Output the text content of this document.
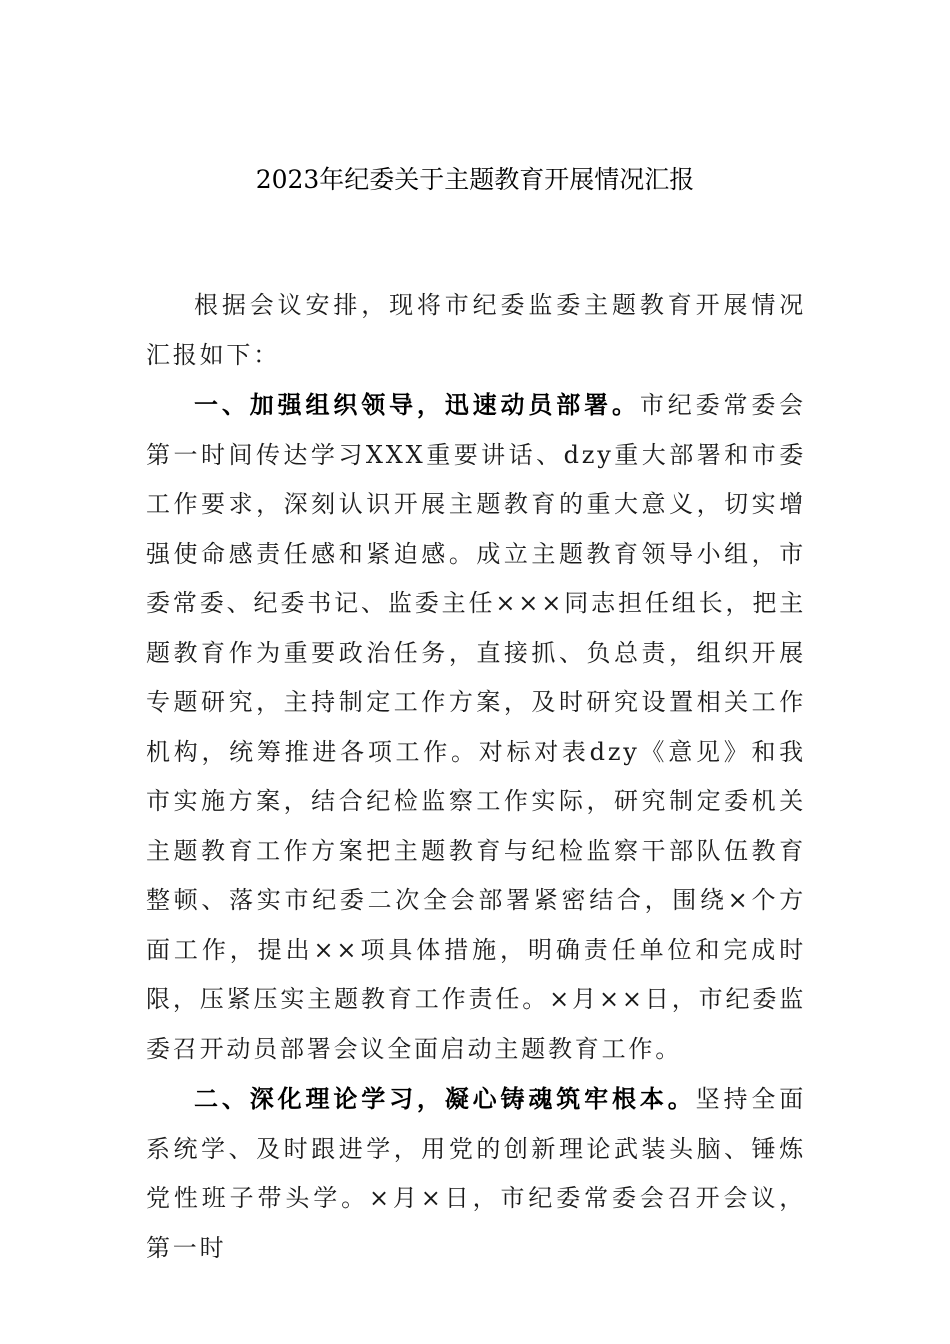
2023年纪委关于主题教育开展情况汇报

根据会议安排，现将市纪委监委主题教育开展情况汇报如下：

一、加强组织领导，迅速动员部署。市纪委常委会第一时间传达学习XXX重要讲话、dzy重大部署和市委工作要求，深刻认识开展主题教育的重大意义，切实增强使命感责任感和紧迫感。成立主题教育领导小组，市委常委、纪委书记、监委主任×××同志担任组长，把主题教育作为重要政治任务，直接抓、负总责，组织开展专题研究，主持制定工作方案，及时研究设置相关工作机构，统筹推进各项工作。对标对表dzy《意见》和我市实施方案，结合纪检监察工作实际，研究制定委机关主题教育工作方案把主题教育与纪检监察干部队伍教育整顿、落实市纪委二次全会部署紧密结合，围绕×个方面工作，提出××项具体措施，明确责任单位和完成时限，压紧压实主题教育工作责任。×月××日，市纪委监委召开动员部署会议全面启动主题教育工作。

二、深化理论学习，凝心铸魂筑牢根本。坚持全面系统学、及时跟进学，用党的创新理论武装头脑、锤炼党性班子带头学。×月×日，市纪委常委会召开会议，第一时
